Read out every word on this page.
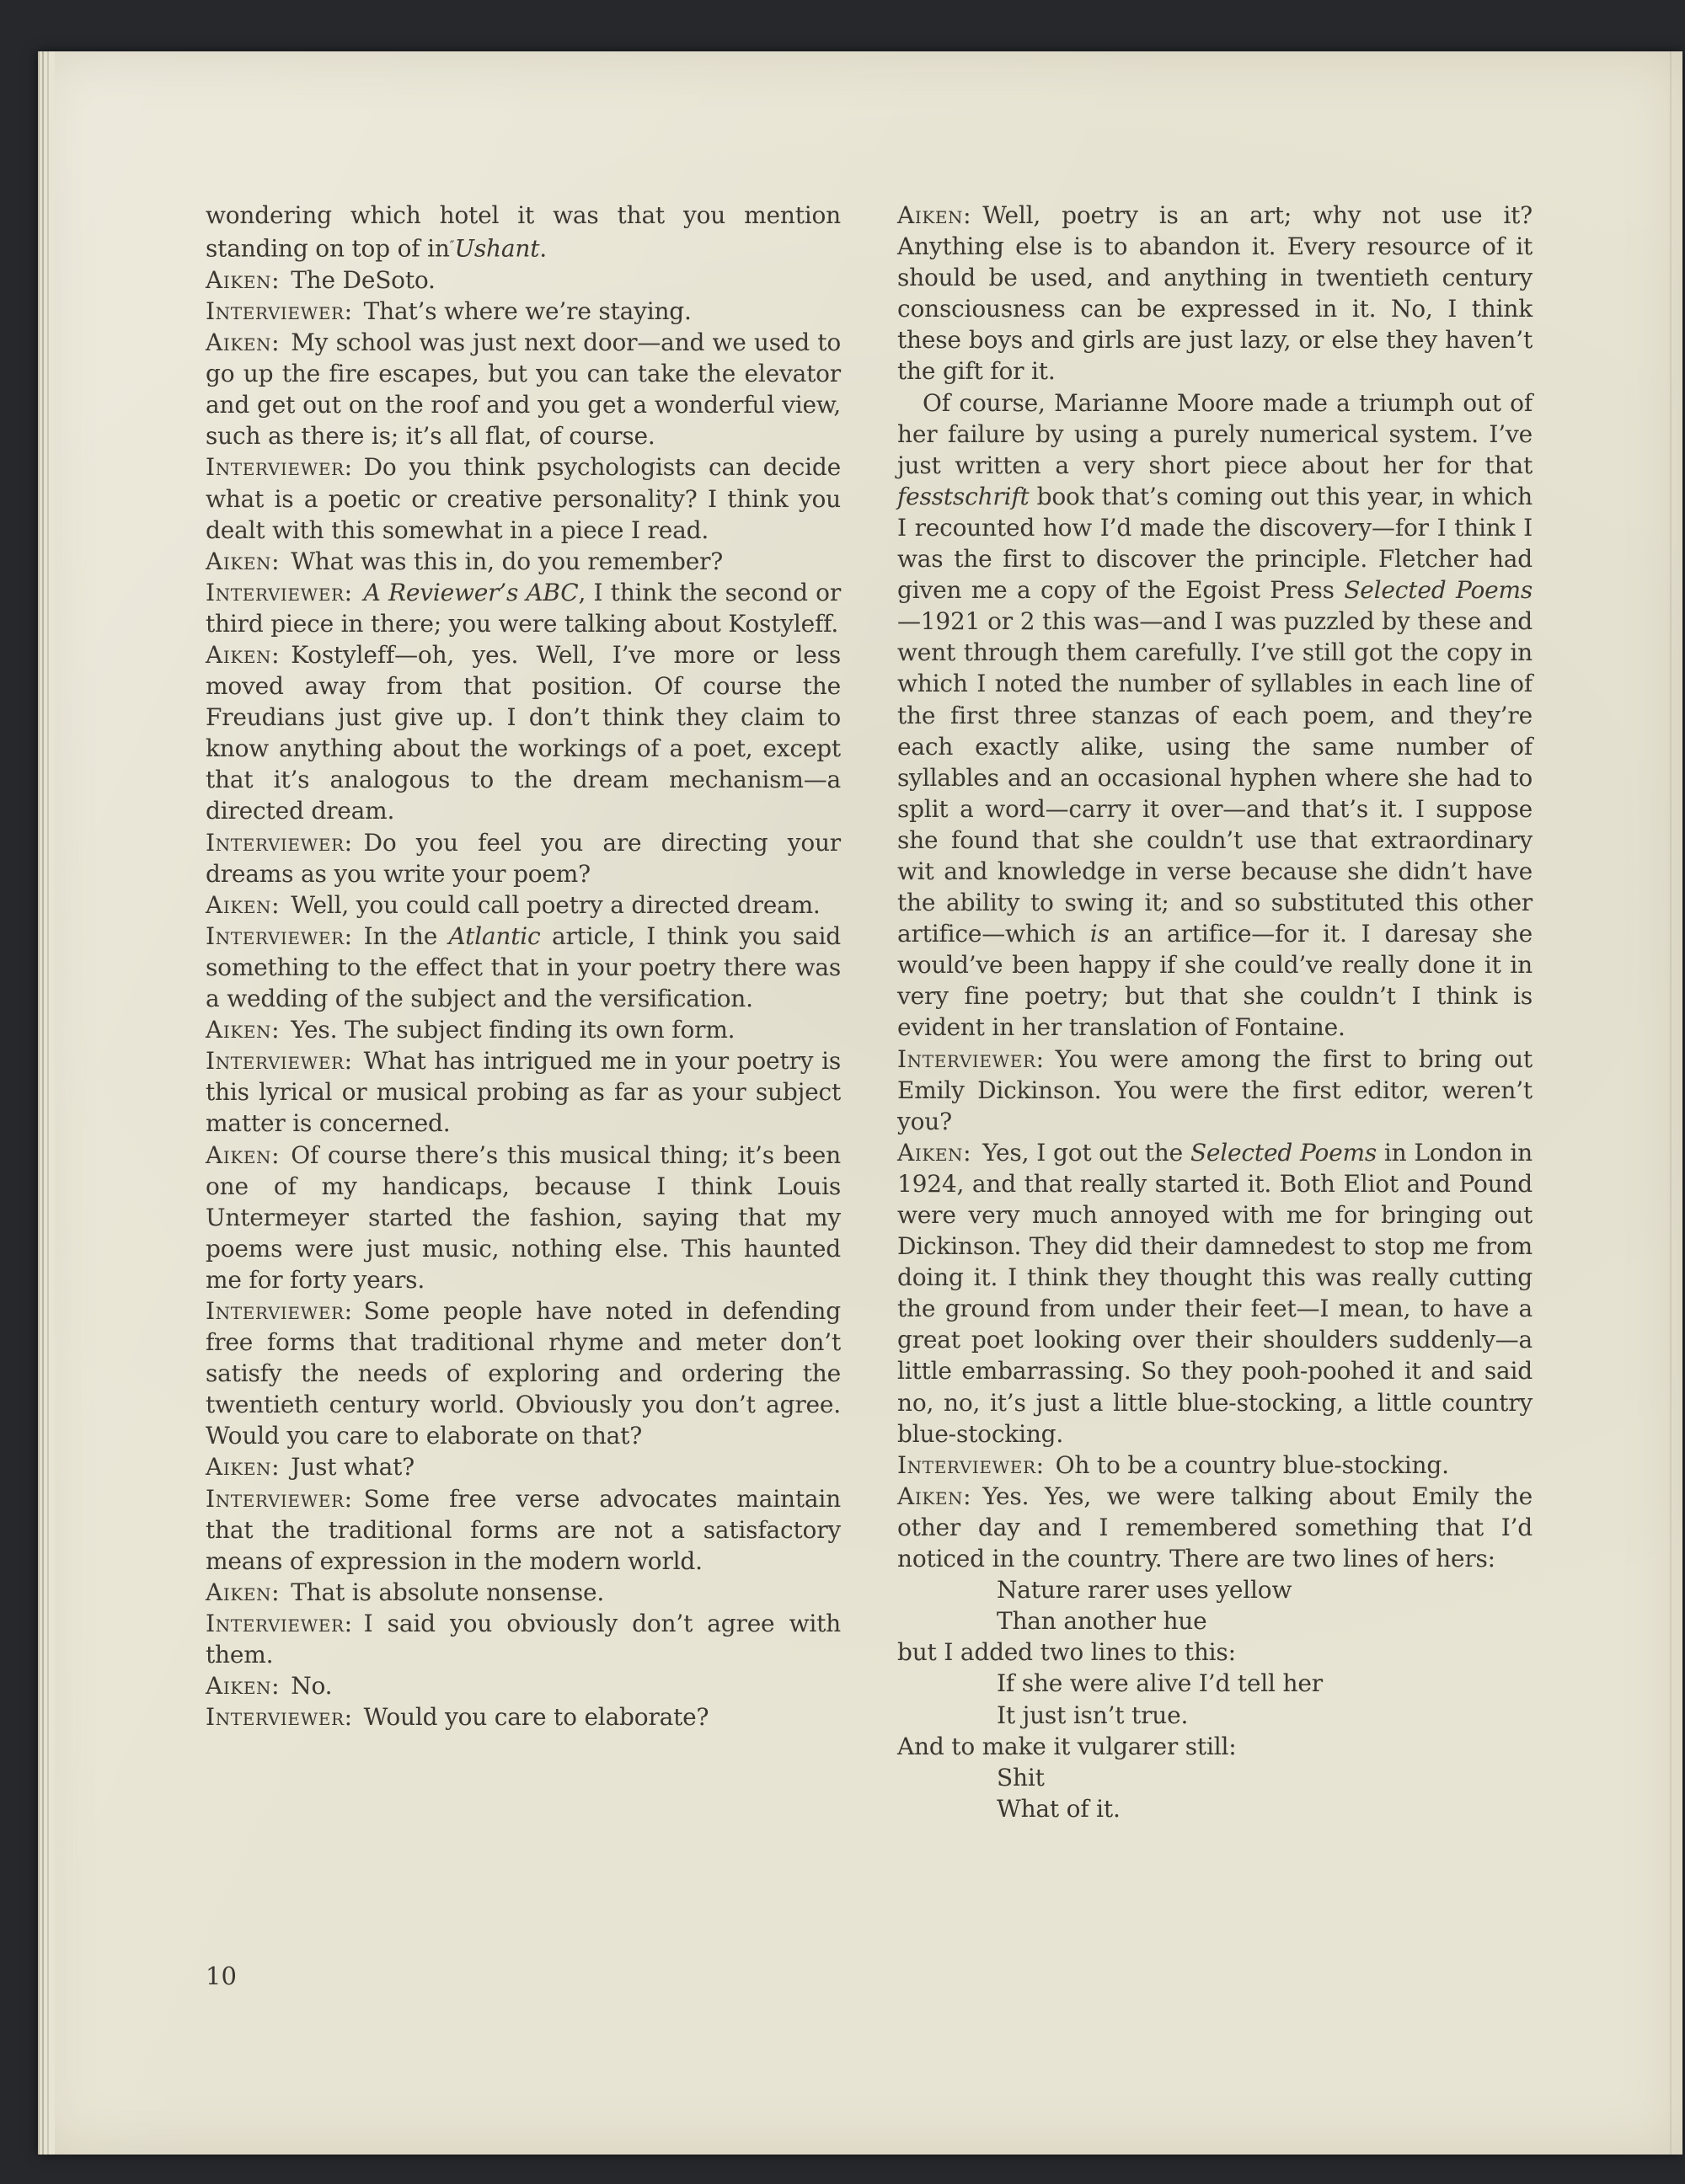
wondering which hotel it was that you mention standing on top of in″Ushant.

Aiken: The DeSoto.

Interviewer: That’s where we’re staying.

Aiken: My school was just next door—and we used to go up the fire escapes, but you can take the elevator and get out on the roof and you get a wonderful view, such as there is; it’s all flat, of course.

Interviewer: Do you think psychologists can decide what is a poetic or creative personality? I think you dealt with this somewhat in a piece I read.

Aiken: What was this in, do you remember?

Interviewer: A Reviewer’s ABC, I think the second or third piece in there; you were talking about Kostyleff.

Aiken: Kostyleff—oh, yes. Well, I’ve more or less moved away from that position. Of course the Freudians just give up. I don’t think they claim to know anything about the workings of a poet, except that it’s analogous to the dream mechanism—a directed dream.

Interviewer: Do you feel you are directing your dreams as you write your poem?

Aiken: Well, you could call poetry a directed dream.

Interviewer: In the Atlantic article, I think you said something to the effect that in your poetry there was a wedding of the subject and the versification.

Aiken: Yes. The subject finding its own form.

Interviewer: What has intrigued me in your poetry is this lyrical or musical probing as far as your subject matter is concerned.

Aiken: Of course there’s this musical thing; it’s been one of my handicaps, because I think Louis Untermeyer started the fashion, saying that my poems were just music, nothing else. This haunted me for forty years.

Interviewer: Some people have noted in defending free forms that traditional rhyme and meter don’t satisfy the needs of exploring and ordering the twentieth century world. Obviously you don’t agree. Would you care to elaborate on that?

Aiken: Just what?

Interviewer: Some free verse advocates maintain that the traditional forms are not a satisfactory means of expression in the modern world.

Aiken: That is absolute nonsense.

Interviewer: I said you obviously don’t agree with them.

Aiken: No.

Interviewer: Would you care to elaborate?

Aiken: Well, poetry is an art; why not use it? Anything else is to abandon it. Every resource of it should be used, and anything in twentieth century consciousness can be expressed in it. No, I think these boys and girls are just lazy, or else they haven’t the gift for it.

Of course, Marianne Moore made a triumph out of her failure by using a purely numerical system. I’ve just written a very short piece about her for that fesstschrift book that’s coming out this year, in which I recounted how I’d made the discovery—for I think I was the first to discover the principle. Fletcher had given me a copy of the Egoist Press Selected Poems—1921 or 2 this was—and I was puzzled by these and went through them carefully. I’ve still got the copy in which I noted the number of syllables in each line of the first three stanzas of each poem, and they’re each exactly alike, using the same number of syllables and an occasional hyphen where she had to split a word—carry it over—and that’s it. I suppose she found that she couldn’t use that extraordinary wit and knowledge in verse because she didn’t have the ability to swing it; and so substituted this other artifice—which is an artifice—for it. I daresay she would’ve been happy if she could’ve really done it in very fine poetry; but that she couldn’t I think is evident in her translation of Fontaine.

Interviewer: You were among the first to bring out Emily Dickinson. You were the first editor, weren’t you?

Aiken: Yes, I got out the Selected Poems in London in 1924, and that really started it. Both Eliot and Pound were very much annoyed with me for bringing out Dickinson. They did their damnedest to stop me from doing it. I think they thought this was really cutting the ground from under their feet—I mean, to have a great poet looking over their shoulders suddenly—a little embarrassing. So they pooh-poohed it and said no, no, it’s just a little blue-stocking, a little country blue-stocking.

Interviewer: Oh to be a country blue-stocking.

Aiken: Yes. Yes, we were talking about Emily the other day and I remembered something that I’d noticed in the country. There are two lines of hers:

Nature rarer uses yellow

Than another hue

but I added two lines to this:

If she were alive I’d tell her

It just isn’t true.

And to make it vulgarer still:

Shit

What of it.

10
